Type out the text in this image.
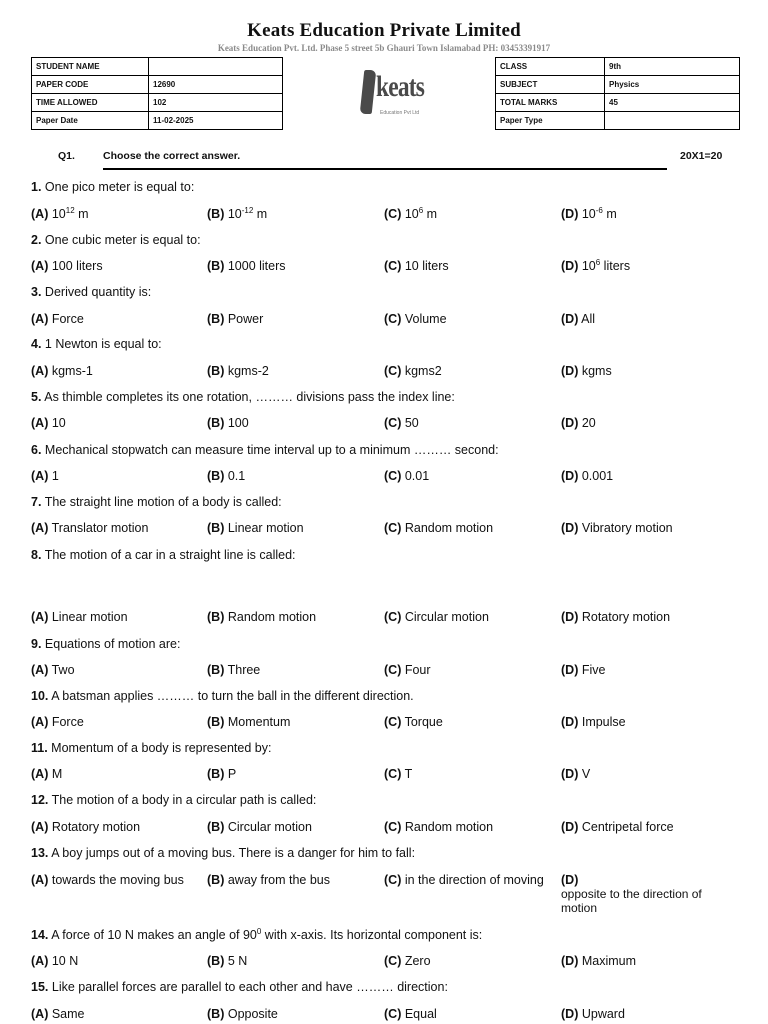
Keats Education Private Limited
Keats Education Pvt. Ltd. Phase 5 street 5b Ghauri Town Islamabad PH: 03453391917
STUDENT NAME	
PAPER CODE	12690
TIME ALLOWED	102
Paper Date	11-02-2025
CLASS	9th
SUBJECT	Physics
TOTAL MARKS	45
Paper Type	
keats
Education Pvt Ltd
Q1.	Choose the correct answer.	20X1=20
1. One pico meter is equal to:
(A) $10^{12}$ m	(B) $10^{-12}$ m	(C) $10^6$ m	(D) $10^{-6}$ m
2. One cubic meter is equal to:
(A) 100 liters	(B) 1000 liters	(C) 10 liters	(D) $10^6$ liters
3. Derived quantity is:
(A) Force	(B) Power	(C) Volume	(D) All
4. 1 Newton is equal to:
(A) kgms-1	(B) kgms-2	(C) kgms2	(D) kgms
5. As thimble completes its one rotation, ……… divisions pass the index line:
(A) 10	(B) 100	(C) 50	(D) 20
6. Mechanical stopwatch can measure time interval up to a minimum ……… second:
(A) 1	(B) 0.1	(C) 0.01	(D) 0.001
7. The straight line motion of a body is called:
(A) Translator motion	(B) Linear motion	(C) Random motion	(D) Vibratory motion
8. The motion of a car in a straight line is called:
(A) Linear motion	(B) Random motion	(C) Circular motion	(D) Rotatory motion
9. Equations of motion are:
(A) Two	(B) Three	(C) Four	(D) Five
10. A batsman applies ……… to turn the ball in the different direction.
(A) Force	(B) Momentum	(C) Torque	(D) Impulse
11. Momentum of a body is represented by:
(A) M	(B) P	(C) T	(D) V
12. The motion of a body in a circular path is called:
(A) Rotatory motion	(B) Circular motion	(C) Random motion	(D) Centripetal force
13. A boy jumps out of a moving bus. There is a danger for him to fall:
(A) towards the moving bus	(B) away from the bus	(C) in the direction of moving	(D)

opposite to the direction of motion
14. A force of 10 N makes an angle of $90^0$ with x-axis. Its horizontal component is:
(A) 10 N	(B) 5 N	(C) Zero	(D) Maximum
15. Like parallel forces are parallel to each other and have ……… direction:
(A) Same	(B) Opposite	(C) Equal	(D) Upward
